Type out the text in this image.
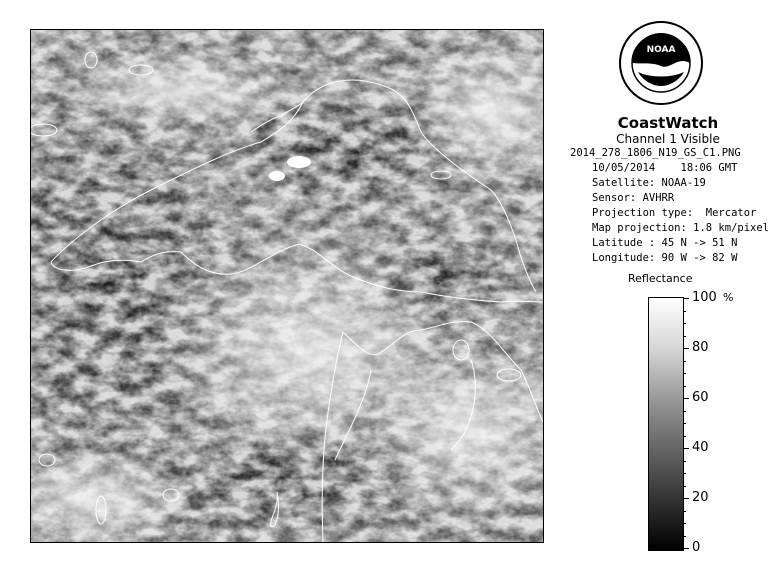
NOAA
CoastWatch
Channel 1 Visible
2014_278_1806_N19_GS_C1.PNG
10/05/2014    18:06 GMT
Satellite: NOAA-19
Sensor: AVHRR
Projection type:  Mercator
Map projection: 1.8 km/pixel
Latitude : 45 N -> 51 N
Longitude: 90 W -> 82 W
Reflectance
%
100
80
60
40
20
0
